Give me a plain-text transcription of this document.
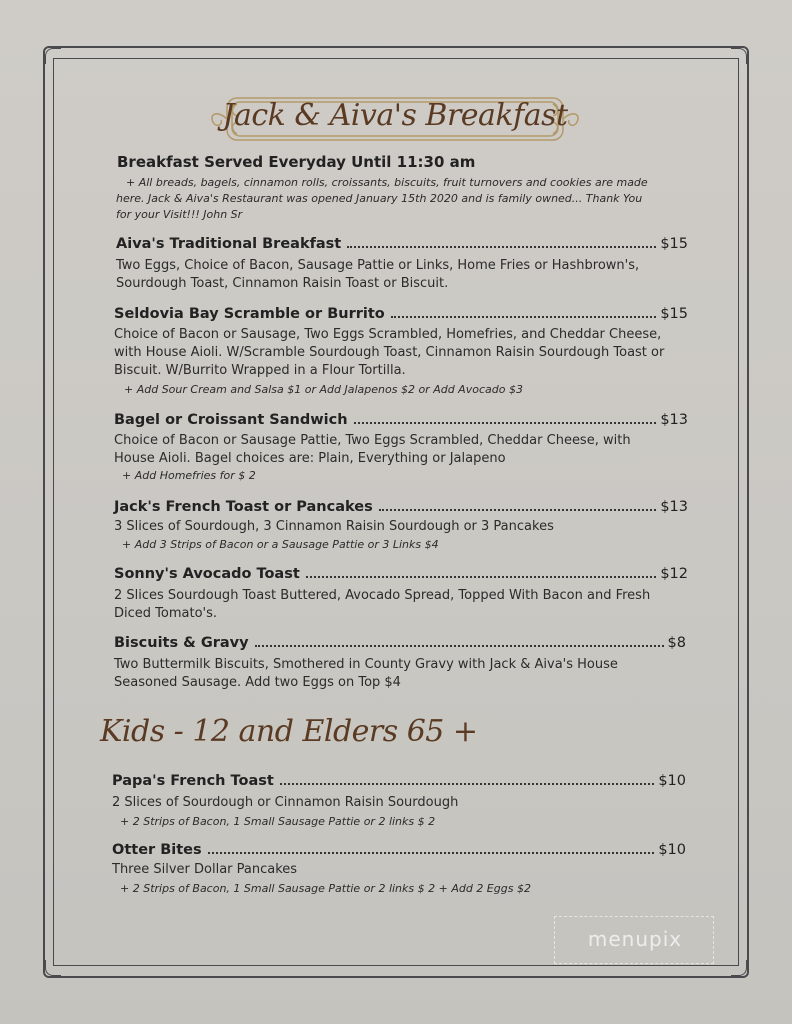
Jack & Aiva's Breakfast
Breakfast Served Everyday Until 11:30 am
+ All breads, bagels, cinnamon rolls, croissants, biscuits, fruit turnovers and cookies are made
here. Jack & Aiva's Restaurant was opened January 15th 2020 and is family owned... Thank You
for your Visit!!! John Sr
Aiva's Traditional Breakfast	$15
Two Eggs, Choice of Bacon, Sausage Pattie or Links, Home Fries or Hashbrown's,
Sourdough Toast, Cinnamon Raisin Toast or Biscuit.
Seldovia Bay Scramble or Burrito	$15
Choice of Bacon or Sausage, Two Eggs Scrambled, Homefries, and Cheddar Cheese,
with House Aioli. W/Scramble Sourdough Toast, Cinnamon Raisin Sourdough Toast or
Biscuit. W/Burrito Wrapped in a Flour Tortilla.
+ Add Sour Cream and Salsa $1 or Add Jalapenos $2 or Add Avocado $3
Bagel or Croissant Sandwich	$13
Choice of Bacon or Sausage Pattie, Two Eggs Scrambled, Cheddar Cheese, with
House Aioli. Bagel choices are: Plain, Everything or Jalapeno
+ Add Homefries for $ 2
Jack's French Toast or Pancakes	$13
3 Slices of Sourdough, 3 Cinnamon Raisin Sourdough or 3 Pancakes
+ Add 3 Strips of Bacon or a Sausage Pattie or 3 Links $4
Sonny's Avocado Toast	$12
2 Slices Sourdough Toast Buttered, Avocado Spread, Topped With Bacon and Fresh
Diced Tomato's.
Biscuits & Gravy	$8
Two Buttermilk Biscuits, Smothered in County Gravy with Jack & Aiva's House
Seasoned Sausage. Add two Eggs on Top $4
Kids - 12 and Elders 65 +
Papa's French Toast	$10
2 Slices of Sourdough or Cinnamon Raisin Sourdough
+ 2 Strips of Bacon, 1 Small Sausage Pattie or 2 links $ 2
Otter Bites	$10
Three Silver Dollar Pancakes
+ 2 Strips of Bacon, 1 Small Sausage Pattie or 2 links $ 2 + Add 2 Eggs $2
menupix
